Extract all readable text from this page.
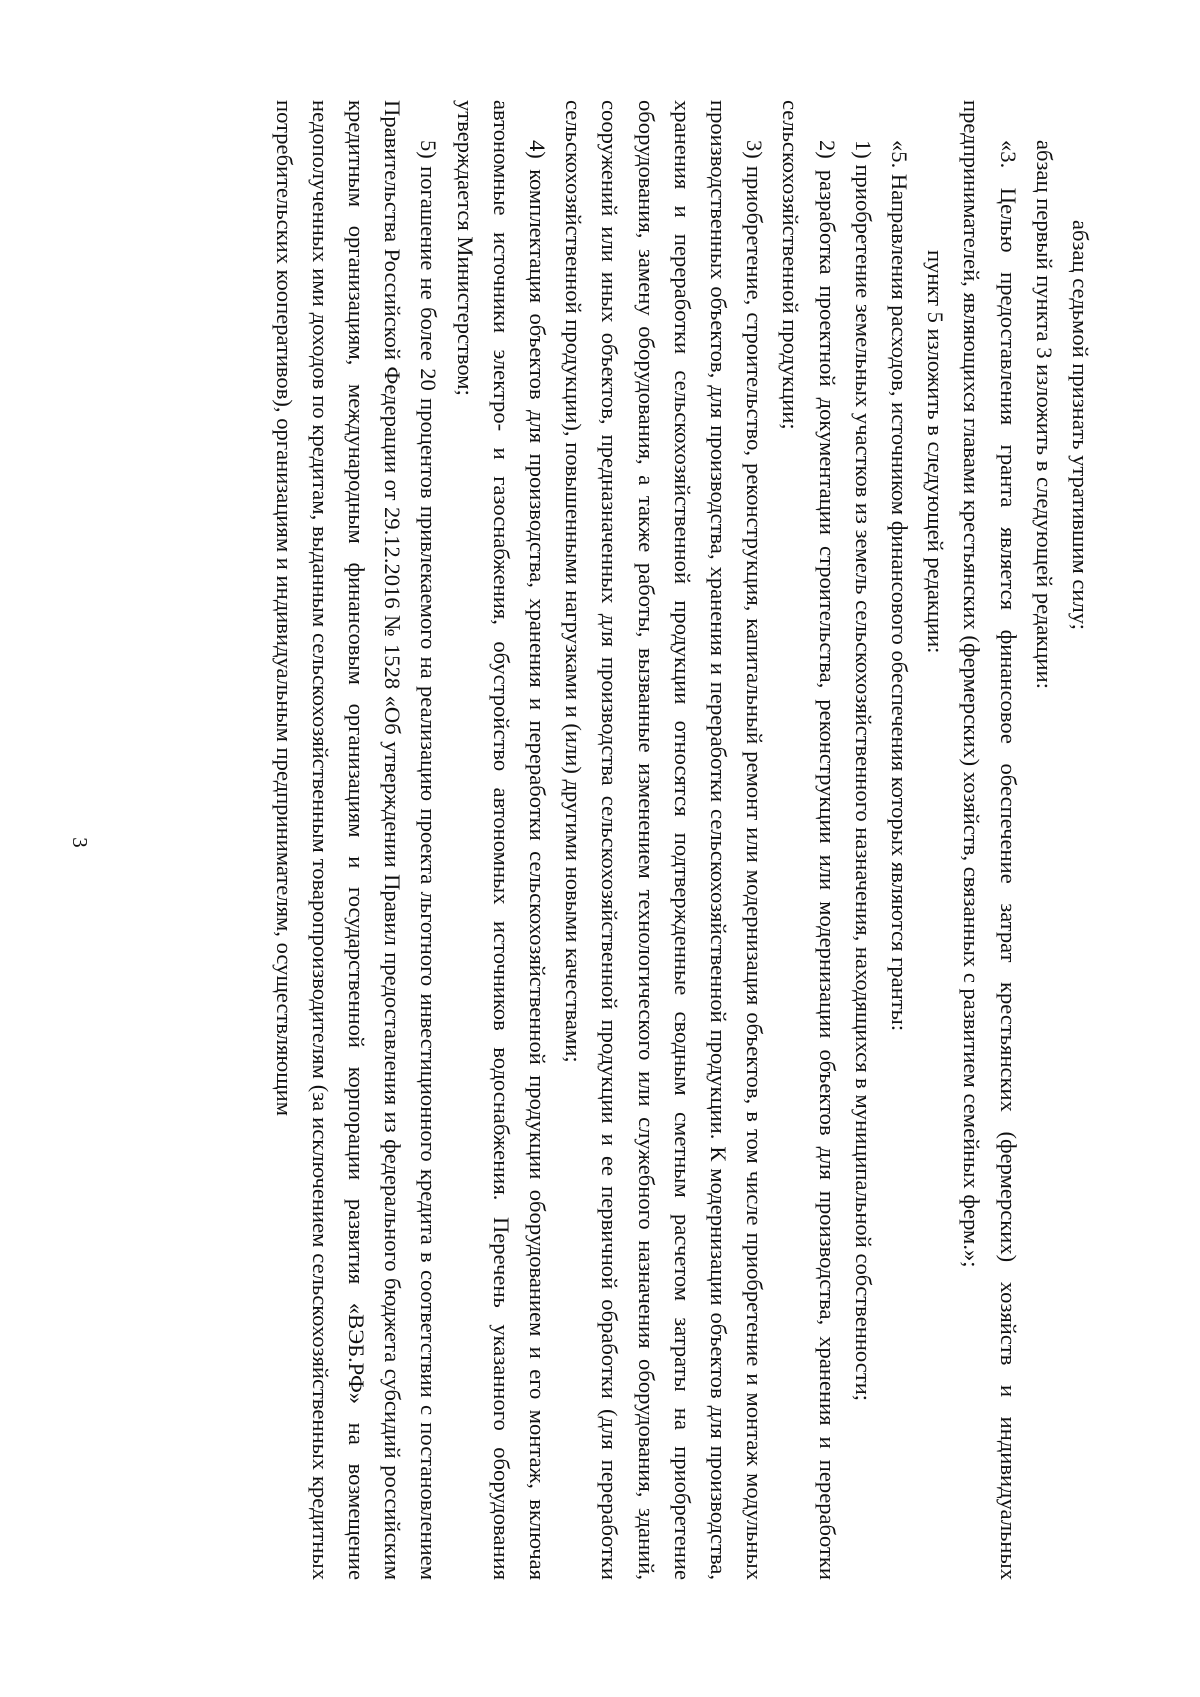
3

абзац седьмой признать утратившим силу;

абзац первый пункта 3 изложить в следующей редакции:

«3. Целью предоставления гранта является финансовое обеспечение затрат крестьянских (фермерских) хозяйств и индивидуальных предпринимателей, являющихся главами крестьянских (фермерских) хозяйств, связанных с развитием семейных ферм.»;

пункт 5 изложить в следующей редакции:

«5. Направления расходов, источником финансового обеспечения которых являются гранты:

1) приобретение земельных участков из земель сельскохозяйственного назначения, находящихся в муниципальной собственности;

2) разработка проектной документации строительства, реконструкции или модернизации объектов для производства, хранения и переработки сельскохозяйственной продукции;

3) приобретение, строительство, реконструкция, капитальный ремонт или модернизация объектов, в том числе приобретение и монтаж модульных производственных объектов, для производства, хранения и переработки сельскохозяйственной продукции. К модернизации объектов для производства, хранения и переработки сельскохозяйственной продукции относятся подтвержденные сводным сметным расчетом затраты на приобретение оборудования, замену оборудования, а также работы, вызванные изменением технологического или служебного назначения оборудования, зданий, сооружений или иных объектов, предназначенных для производства сельскохозяйственной продукции и ее первичной обработки (для переработки сельскохозяйственной продукции), повышенными нагрузками и (или) другими новыми качествами;

4) комплектация объектов для производства, хранения и переработки сельскохозяйственной продукции оборудованием и его монтаж, включая автономные источники электро- и газоснабжения, обустройство автономных источников водоснабжения. Перечень указанного оборудования утверждается Министерством;

5) погашение не более 20 процентов привлекаемого на реализацию проекта льготного инвестиционного кредита в соответствии с постановлением Правительства Российской Федерации от 29.12.2016 № 1528 «Об утверждении Правил предоставления из федерального бюджета субсидий российским кредитным организациям, международным финансовым организациям и государственной корпорации развития «ВЭБ.РФ» на возмещение недополученных ими доходов по кредитам, выданным сельскохозяйственным товаропроизводителям (за исключением сельскохозяйственных кредитных потребительских кооперативов), организациям и индивидуальным предпринимателям, осуществляющим
